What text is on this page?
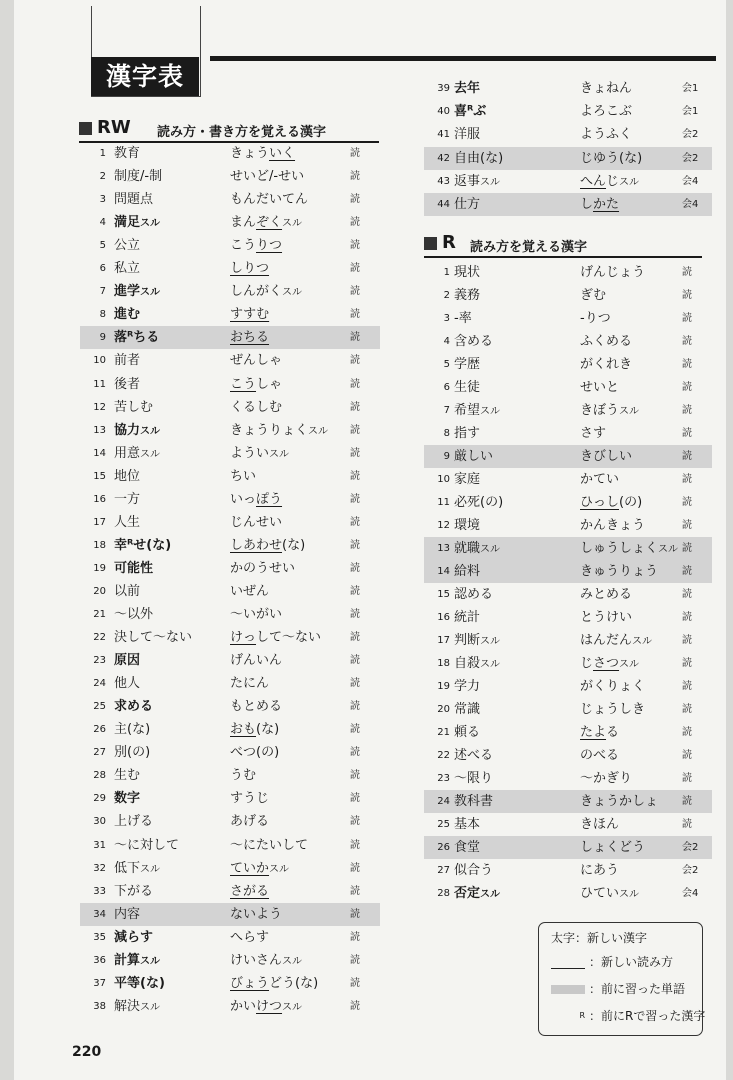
漢字表
RW 読み方・書き方を覚える漢字
R 読み方を覚える漢字
1 教育	きょういく	読
2 制度/-制	せいど/-せい	読
3 問題点	もんだいてん	読
4 満足スル	まんぞくスル	読
5 公立	こうりつ	読
6 私立	しりつ	読
7 進学スル	しんがくスル	読
8 進む	すすむ	読
9 落ᴿちる	おちる	読
10 前者	ぜんしゃ	読
11 後者	こうしゃ	読
12 苦しむ	くるしむ	読
13 協力スル	きょうりょくスル 読
14 用意スル	よういスル	読
15 地位	ちい	読
16 一方	いっぽう	読
17 人生	じんせい	読
18 幸ᴿせ(な)	しあわせ(な)	読
19 可能性	かのうせい	読
20 以前	いぜん	読
21 〜以外	〜いがい	読
22 決して〜ない	けっして〜ない	読
23 原因	げんいん	読
24 他人	たにん	読
25 求める	もとめる	読
26 主(な)	おも(な)	読
27 別(の)	べつ(の)	読
28 生む	うむ	読
29 数字	すうじ	読
30 上げる	あげる	読
31 〜に対して	〜にたいして	読
32 低下スル	ていかスル	読
33 下がる	さがる	読
34 内容	ないよう	読
35 減らす	へらす	読
36 計算スル	けいさんスル	読
37 平等(な)	びょうどう(な)	読
38 解決スル	かいけつスル	読
39 去年	きょねん	会1
40 喜ᴿぶ	よろこぶ	会1
41 洋服	ようふく	会2
42 自由(な)	じゆう(な)	会2
43 返事スル	へんじスル	会4
44 仕方	しかた	会4
1 現状	げんじょう	読
2 義務	ぎむ	読
3 -率	-りつ	読
4 含める	ふくめる	読
5 学歴	がくれき	読
6 生徒	せいと	読
7 希望スル	きぼうスル	読
8 指す	さす	読
9 厳しい	きびしい	読
10 家庭	かてい	読
11 必死(の)	ひっし(の)	読
12 環境	かんきょう	読
13 就職スル	しゅうしょくスル 読
14 給料	きゅうりょう 読
15 認める	みとめる	読
16 統計	とうけい	読
17 判断スル	はんだんスル	読
18 自殺スル	じさつスル	読
19 学力	がくりょく	読
20 常識	じょうしき	読
21 頼る	たよる	読
22 述べる	のべる	読
23 〜限り	〜かぎり	読
24 教科書	きょうかしょ 読
25 基本	きほん	読
26 食堂	しょくどう	会2
27 似合う	にあう	会2
28 否定スル	ひていスル	会4
220
太字：新しい漢字
：新しい読み方
：前に習った単語
R ：前にRで習った漢字
